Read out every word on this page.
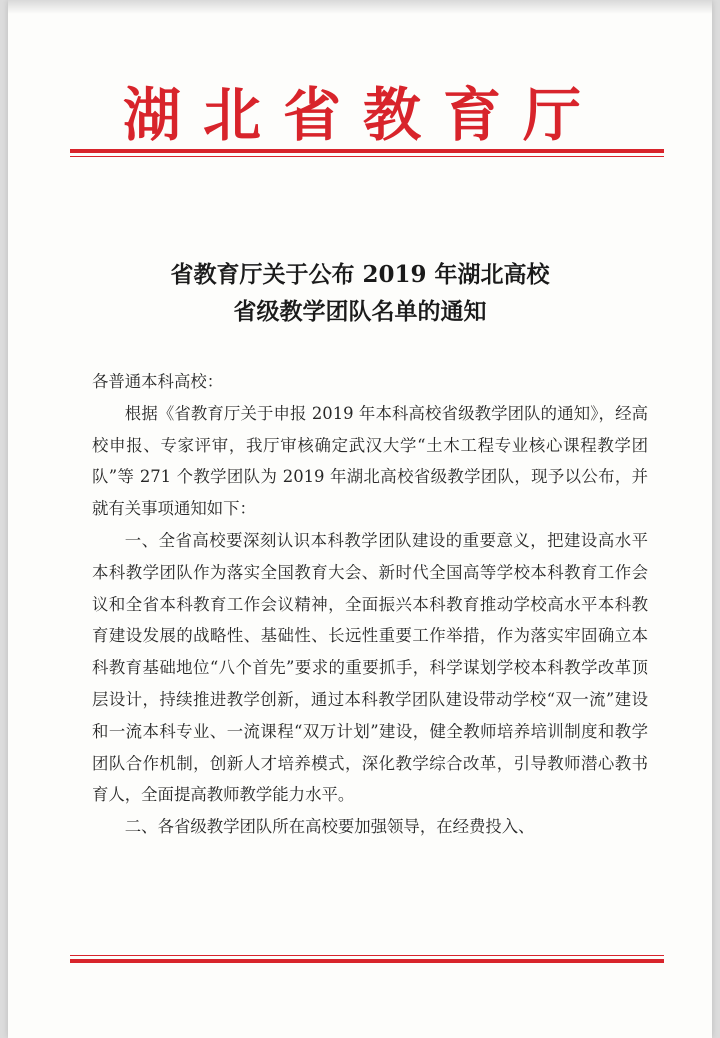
湖北省教育厅
省教育厅关于公布 2019 年湖北高校
省级教学团队名单的通知

各普通本科高校：

根据《省教育厅关于申报 2019 年本科高校省级教学团队的通知》，经高校申报、专家评审，我厅审核确定武汉大学“土木工程专业核心课程教学团队”等 271 个教学团队为 2019 年湖北高校省级教学团队，现予以公布，并就有关事项通知如下：

一、全省高校要深刻认识本科教学团队建设的重要意义，把建设高水平本科教学团队作为落实全国教育大会、新时代全国高等学校本科教育工作会议和全省本科教育工作会议精神，全面振兴本科教育推动学校高水平本科教育建设发展的战略性、基础性、长远性重要工作举措，作为落实牢固确立本科教育基础地位“八个首先”要求的重要抓手，科学谋划学校本科教学改革顶层设计，持续推进教学创新，通过本科教学团队建设带动学校“双一流”建设和一流本科专业、一流课程“双万计划”建设，健全教师培养培训制度和教学团队合作机制，创新人才培养模式，深化教学综合改革，引导教师潜心教书育人，全面提高教师教学能力水平。

二、各省级教学团队所在高校要加强领导，在经费投入、
